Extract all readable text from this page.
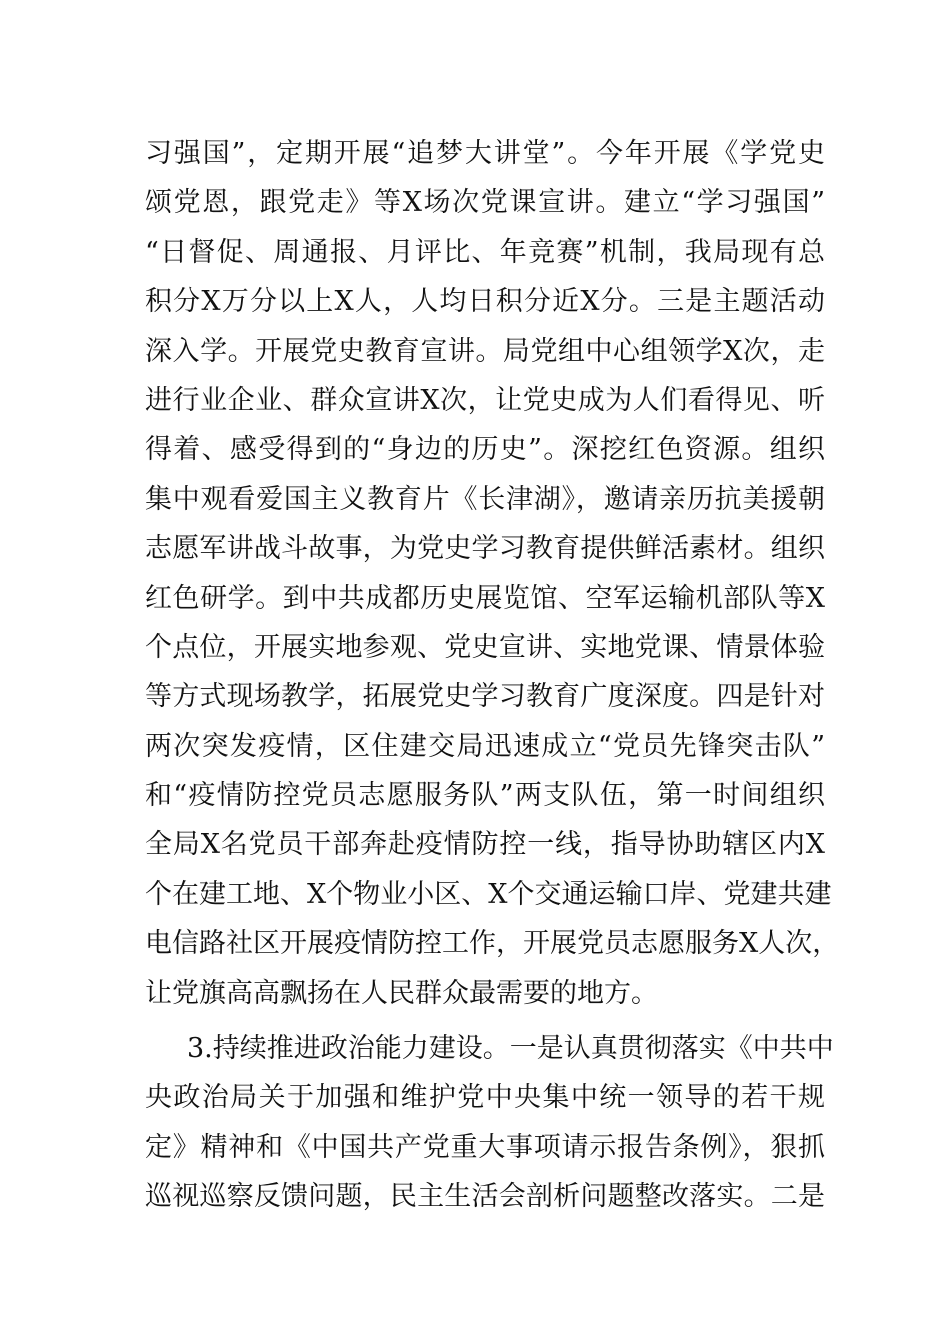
习强国”，定期开展“追梦大讲堂”。今年开展《学党史
颂党恩，跟党走》等X场次党课宣讲。建立“学习强国”
“日督促、周通报、月评比、年竞赛”机制，我局现有总
积分X万分以上X人，人均日积分近X分。三是主题活动
深入学。开展党史教育宣讲。局党组中心组领学X次，走
进行业企业、群众宣讲X次，让党史成为人们看得见、听
得着、感受得到的“身边的历史”。深挖红色资源。组织
集中观看爱国主义教育片《长津湖》，邀请亲历抗美援朝
志愿军讲战斗故事，为党史学习教育提供鲜活素材。组织
红色研学。到中共成都历史展览馆、空军运输机部队等X
个点位，开展实地参观、党史宣讲、实地党课、情景体验
等方式现场教学，拓展党史学习教育广度深度。四是针对
两次突发疫情，区住建交局迅速成立“党员先锋突击队”
和“疫情防控党员志愿服务队”两支队伍，第一时间组织
全局X名党员干部奔赴疫情防控一线，指导协助辖区内X
个在建工地、X个物业小区、X个交通运输口岸、党建共建
电信路社区开展疫情防控工作，开展党员志愿服务X人次，
让党旗高高飘扬在人民群众最需要的地方。
3.持续推进政治能力建设。一是认真贯彻落实《中共中
央政治局关于加强和维护党中央集中统一领导的若干规
定》精神和《中国共产党重大事项请示报告条例》，狠抓
巡视巡察反馈问题，民主生活会剖析问题整改落实。二是
